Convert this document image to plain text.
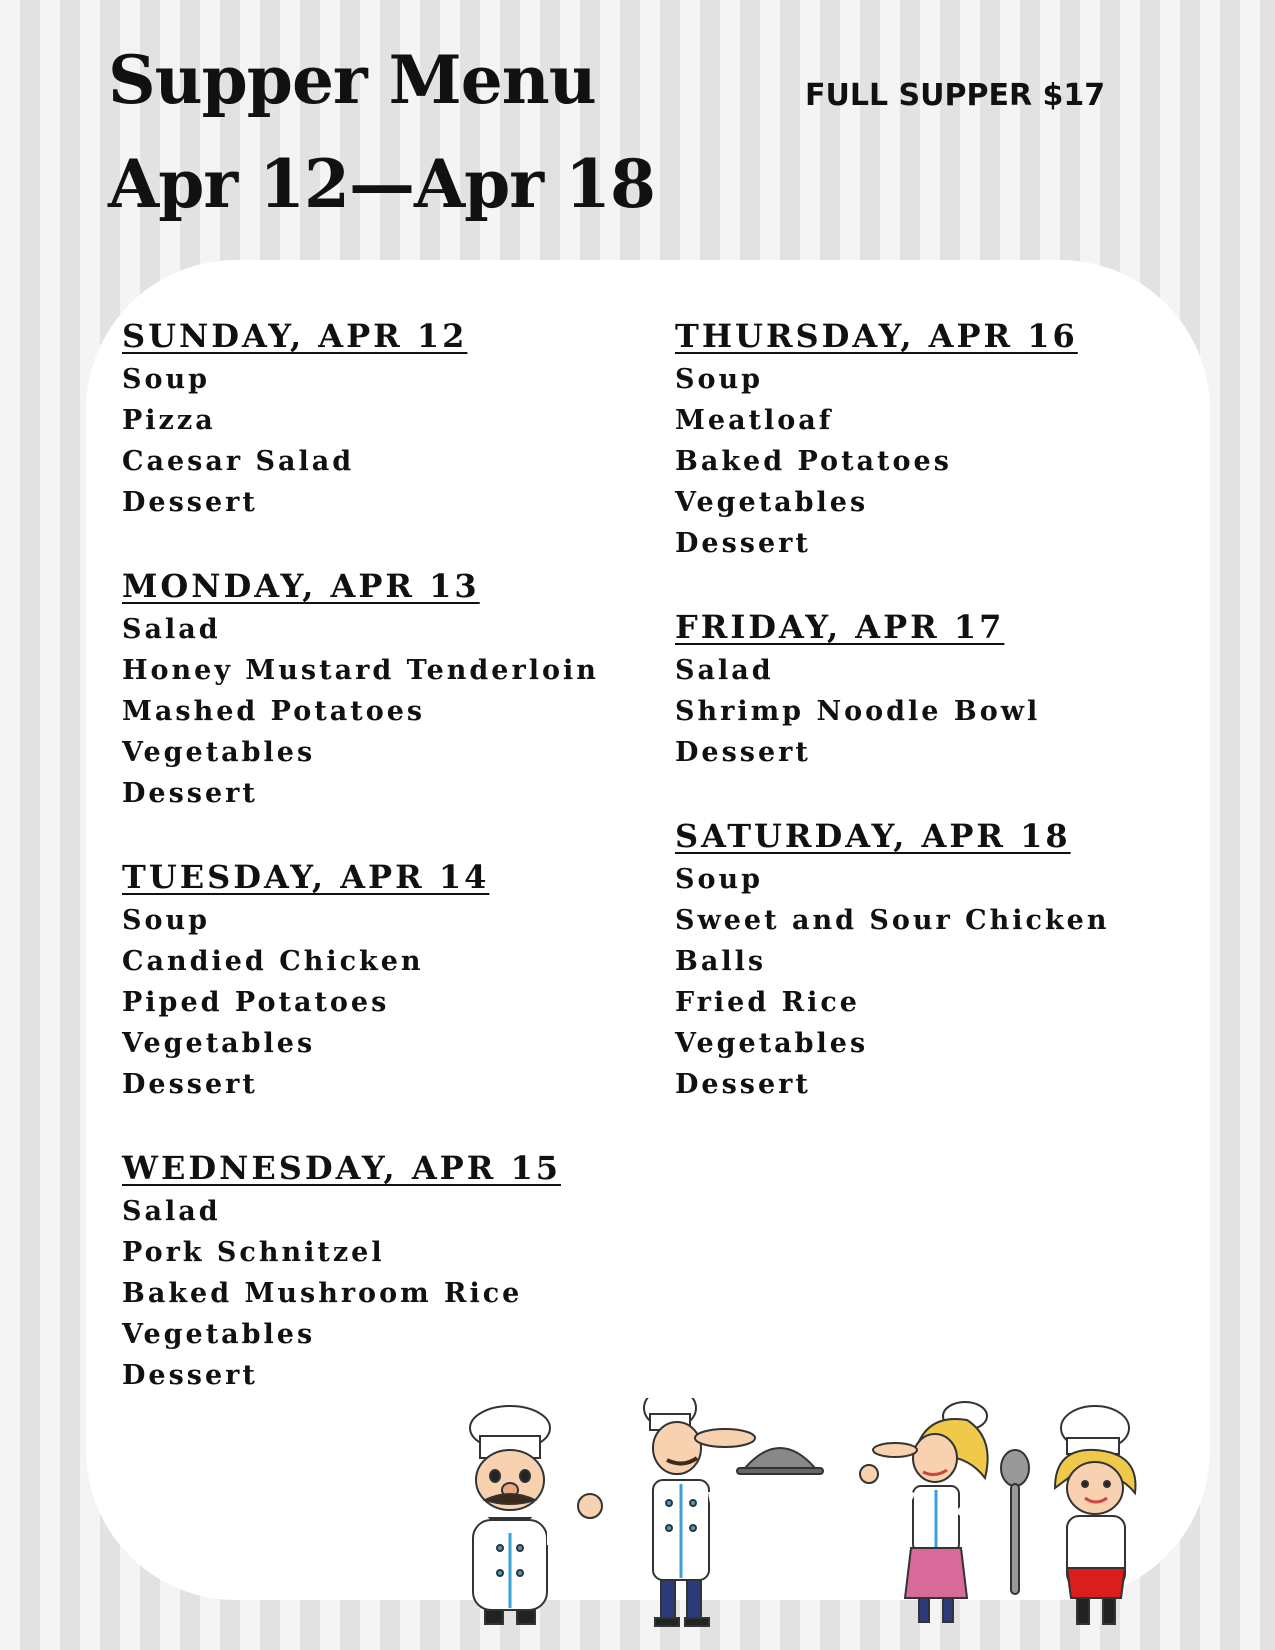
Supper Menu
Apr 12—Apr 18
FULL SUPPER $17
SUNDAY, APR 12
Soup
Pizza
Caesar Salad
Dessert
MONDAY, APR 13
Salad
Honey Mustard Tenderloin
Mashed Potatoes
Vegetables
Dessert
TUESDAY, APR 14
Soup
Candied Chicken
Piped Potatoes
Vegetables
Dessert
WEDNESDAY, APR 15
Salad
Pork Schnitzel
Baked Mushroom Rice
Vegetables
Dessert
THURSDAY, APR 16
Soup
Meatloaf
Baked Potatoes
Vegetables
Dessert
FRIDAY, APR 17
Salad
Shrimp Noodle Bowl
Dessert
SATURDAY, APR 18
Soup
Sweet and Sour Chicken
Balls
Fried Rice
Vegetables
Dessert
